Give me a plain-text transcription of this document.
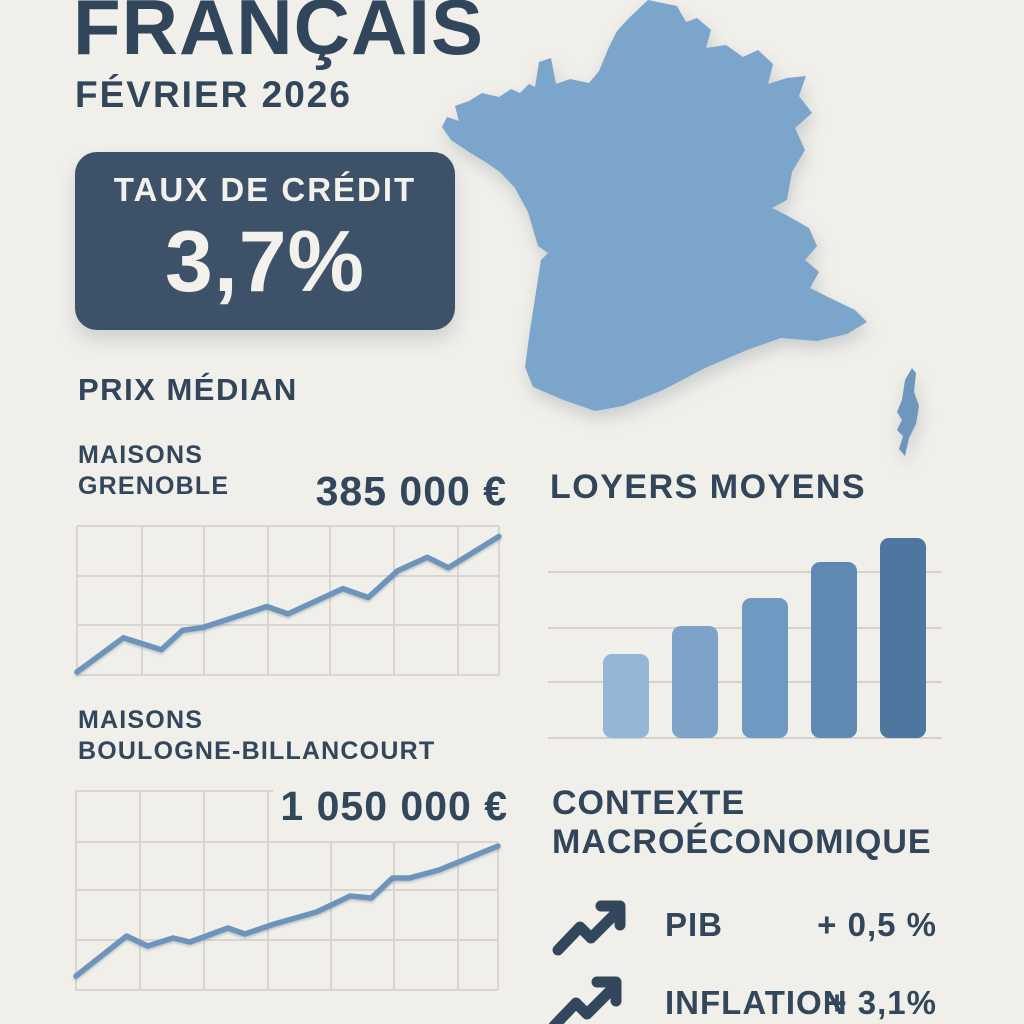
FRANÇAIS
FÉVRIER 2026
TAUX DE CRÉDIT
3,7%
PRIX MÉDIAN
MAISONS
GRENOBLE 385 000 €
MAISONS
BOULOGNE-BILLANCOURT
1 050 000 €
LOYERS MOYENS
CONTEXTE
MACROÉCONOMIQUE
PIB	+ 0,5 %
INFLATION
+ 3,1%
